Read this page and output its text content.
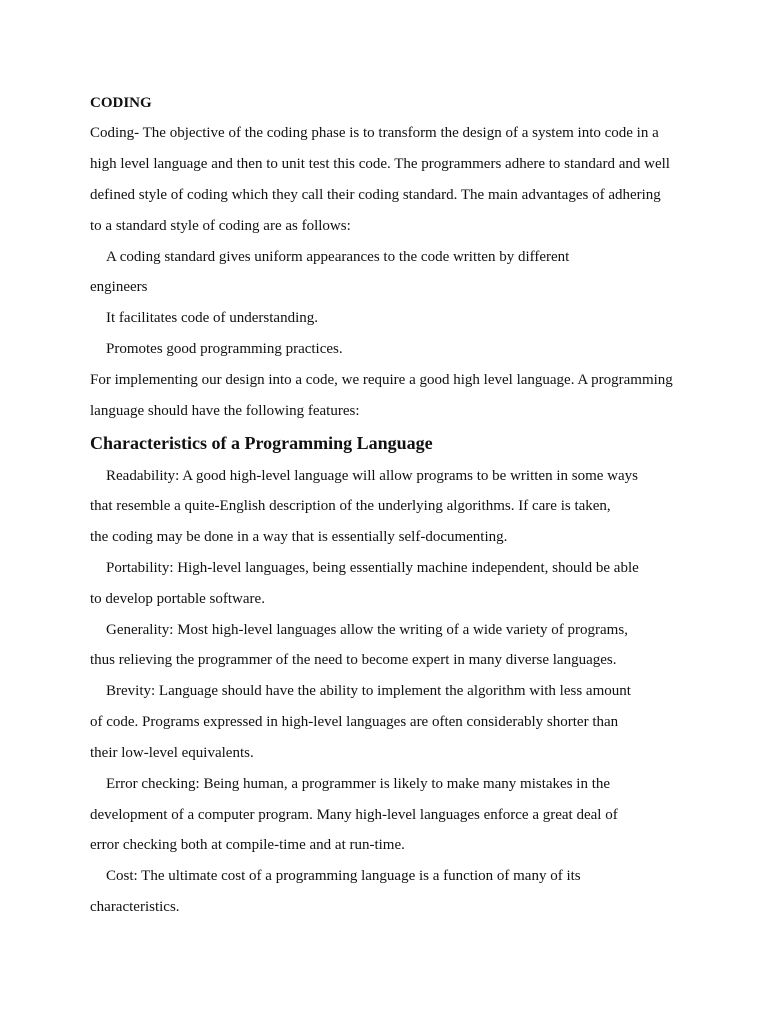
CODING

Coding- The objective of the coding phase is to transform the design of a system into code in a

high level language and then to unit test this code. The programmers adhere to standard and well

defined style of coding which they call their coding standard. The main advantages of adhering

to a standard style of coding are as follows:

A coding standard gives uniform appearances to the code written by different

engineers

It facilitates code of understanding.

Promotes good programming practices.

For implementing our design into a code, we require a good high level language. A programming

language should have the following features:

Characteristics of a Programming Language

Readability: A good high-level language will allow programs to be written in some ways

that resemble a quite-English description of the underlying algorithms. If care is taken,

the coding may be done in a way that is essentially self-documenting.

Portability: High-level languages, being essentially machine independent, should be able

to develop portable software.

Generality: Most high-level languages allow the writing of a wide variety of programs,

thus relieving the programmer of the need to become expert in many diverse languages.

Brevity: Language should have the ability to implement the algorithm with less amount

of code. Programs expressed in high-level languages are often considerably shorter than

their low-level equivalents.

Error checking: Being human, a programmer is likely to make many mistakes in the

development of a computer program. Many high-level languages enforce a great deal of

error checking both at compile-time and at run-time.

Cost: The ultimate cost of a programming language is a function of many of its

characteristics.
